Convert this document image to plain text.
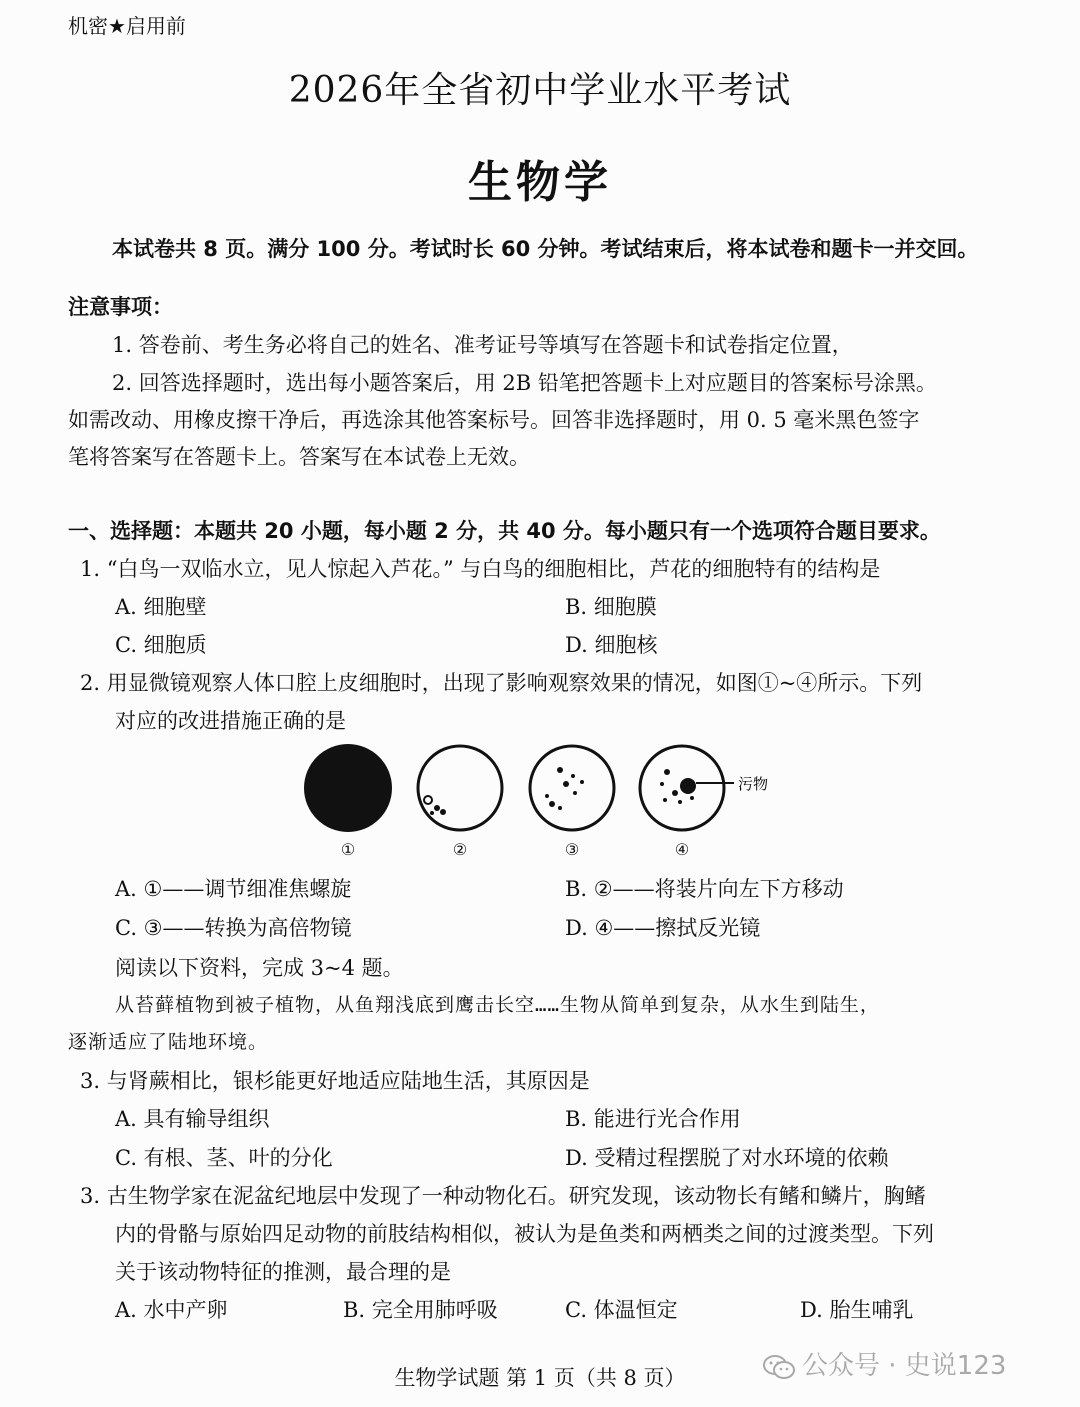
机密★启用前
2026年全省初中学业水平考试
生物学
本试卷共 8 页。满分 100 分。考试时长 60 分钟。考试结束后，将本试卷和题卡一并交回。
注意事项：
1. 答卷前、考生务必将自己的姓名、准考证号等填写在答题卡和试卷指定位置，
2. 回答选择题时，选出每小题答案后，用 2B 铅笔把答题卡上对应题目的答案标号涂黑。
如需改动、用橡皮擦干净后，再选涂其他答案标号。回答非选择题时，用 0. 5 毫米黑色签字
笔将答案写在答题卡上。答案写在本试卷上无效。
一、选择题：本题共 20 小题，每小题 2 分，共 40 分。每小题只有一个选项符合题目要求。
1. “白鸟一双临水立，见人惊起入芦花。” 与白鸟的细胞相比，芦花的细胞特有的结构是
A. 细胞壁	B. 细胞膜
C. 细胞质	D. 细胞核
2. 用显微镜观察人体口腔上皮细胞时，出现了影响观察效果的情况，如图①~④所示。下列
对应的改进措施正确的是
污物
①	②	③	④
A. ①——调节细准焦螺旋	B. ②——将装片向左下方移动
C. ③——转换为高倍物镜	D. ④——擦拭反光镜
阅读以下资料，完成 3~4 题。
从苔藓植物到被子植物，从鱼翔浅底到鹰击长空……生物从简单到复杂，从水生到陆生，
逐渐适应了陆地环境。
3. 与肾蕨相比，银杉能更好地适应陆地生活，其原因是
A. 具有输导组织	B. 能进行光合作用
C. 有根、茎、叶的分化	D. 受精过程摆脱了对水环境的依赖
3. 古生物学家在泥盆纪地层中发现了一种动物化石。研究发现，该动物长有鳍和鳞片，胸鳍
内的骨骼与原始四足动物的前肢结构相似，被认为是鱼类和两栖类之间的过渡类型。下列
关于该动物特征的推测，最合理的是
A. 水中产卵	B. 完全用肺呼吸	C. 体温恒定	D. 胎生哺乳
生物学试题 第 1 页（共 8 页）	公众号 · 史说123
